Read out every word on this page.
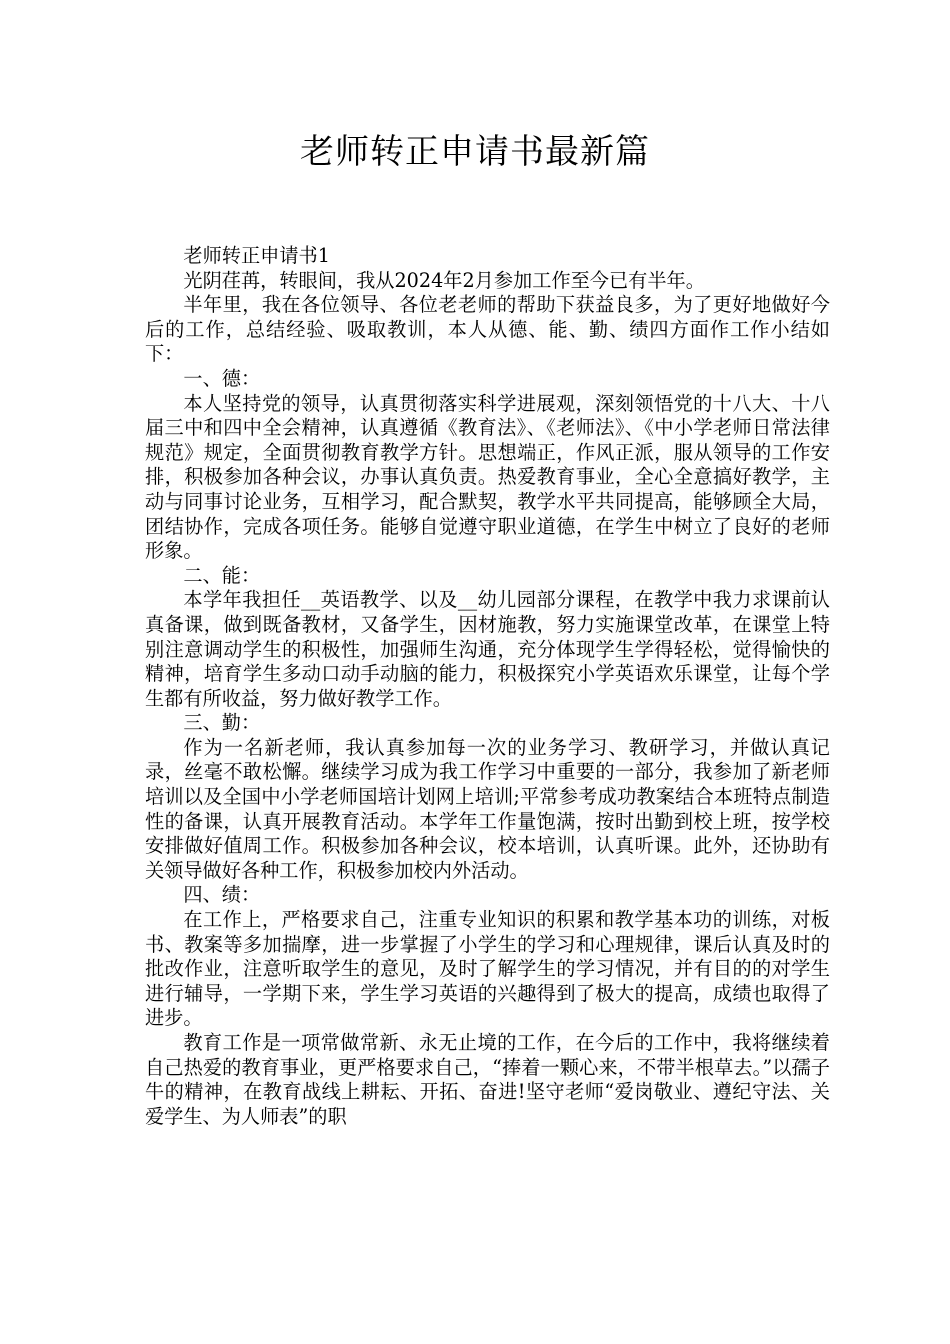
老师转正申请书最新篇

老师转正申请书1

光阴荏苒，转眼间，我从2024年2月参加工作至今已有半年。

半年里，我在各位领导、各位老老师的帮助下获益良多，为了更好地做好今后的工作，总结经验、吸取教训，本人从德、能、勤、绩四方面作工作小结如下：

一、德：

本人坚持党的领导，认真贯彻落实科学进展观，深刻领悟党的十八大、十八届三中和四中全会精神，认真遵循《教育法》、《老师法》、《中小学老师日常法律规范》规定，全面贯彻教育教学方针。思想端正，作风正派，服从领导的工作安排，积极参加各种会议，办事认真负责。热爱教育事业，全心全意搞好教学，主动与同事讨论业务，互相学习，配合默契，教学水平共同提高，能够顾全大局，团结协作，完成各项任务。能够自觉遵守职业道德，在学生中树立了良好的老师形象。

二、能：

本学年我担任__英语教学、以及__幼儿园部分课程，在教学中我力求课前认真备课，做到既备教材，又备学生，因材施教，努力实施课堂改革，在课堂上特别注意调动学生的积极性，加强师生沟通，充分体现学生学得轻松，觉得愉快的精神，培育学生多动口动手动脑的能力，积极探究小学英语欢乐课堂，让每个学生都有所收益，努力做好教学工作。

三、勤：

作为一名新老师，我认真参加每一次的业务学习、教研学习，并做认真记录，丝毫不敢松懈。继续学习成为我工作学习中重要的一部分，我参加了新老师培训以及全国中小学老师国培计划网上培训;平常参考成功教案结合本班特点制造性的备课，认真开展教育活动。本学年工作量饱满，按时出勤到校上班，按学校安排做好值周工作。积极参加各种会议，校本培训，认真听课。此外，还协助有关领导做好各种工作，积极参加校内外活动。

四、绩：

在工作上，严格要求自己，注重专业知识的积累和教学基本功的训练，对板书、教案等多加揣摩，进一步掌握了小学生的学习和心理规律，课后认真及时的批改作业，注意听取学生的意见，及时了解学生的学习情况，并有目的的对学生进行辅导，一学期下来，学生学习英语的兴趣得到了极大的提高，成绩也取得了进步。

教育工作是一项常做常新、永无止境的工作，在今后的工作中，我将继续着自己热爱的教育事业，更严格要求自己，“捧着一颗心来，不带半根草去。”以孺子牛的精神，在教育战线上耕耘、开拓、奋进!坚守老师“爱岗敬业、遵纪守法、关爱学生、为人师表”的职
